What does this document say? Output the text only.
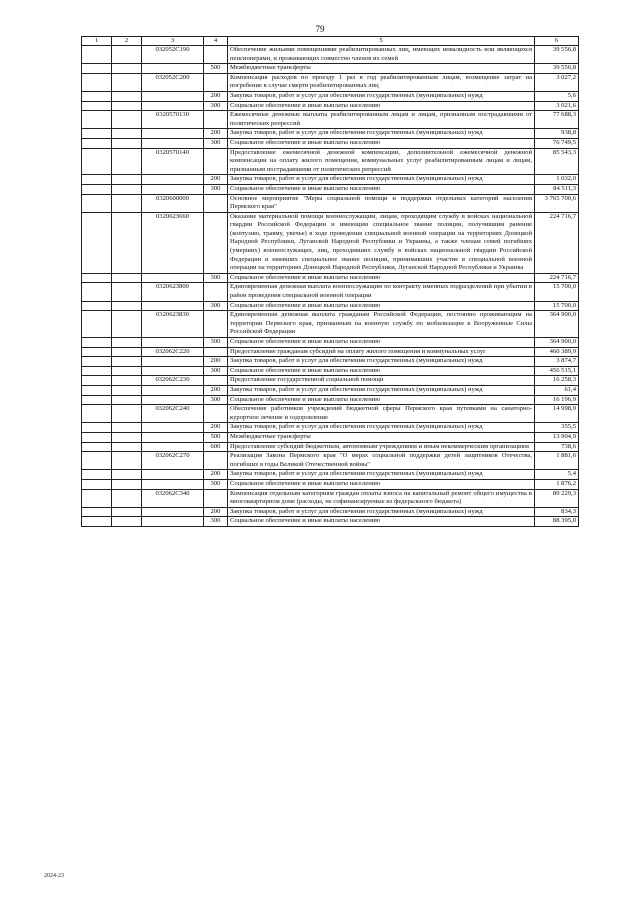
79
1	2	3	4	5	6
		032052С190		Обеспечение жильими помещениями реабилитированных лиц, имеющих инвалидность или являющихся пенсионерами, и проживающих совместно членов их семей	39 556,8
			500	Межбюджетные трансферты	39 556,8
		032052С200		Компенсация расходов по проезду 1 раз в год реабилитированным лицам, возмещение затрат на погребение в случае смерти реабилитированных лиц	3 027,2
			200	Закупка товаров, работ и услуг для обеспечения государственных (муниципальных) нужд	5,6
			300	Социальное обеспечение и иные выплаты населению	3 021,6
		0320570130		Ежемесячные денежные выплаты реабилитированным лицам и лицам, признанным пострадавшими от политических репрессий	77 688,3
			200	Закупка товаров, работ и услуг для обеспечения государственных (муниципальных) нужд	938,8
			300	Социальное обеспечение и иные выплаты населению	76 749,5
		0320570140		Предоставление ежемесячной денежной компенсации, дополнительной ежемесячной денежной компенсации на оплату жилого помещения, коммунальных услуг реабилитированным лицам и лицам, признанным пострадавшими от политических репрессий	85 543,3
			200	Закупка товаров, работ и услуг для обеспечения государственных (муниципальных) нужд	1 032,0
			300	Социальное обеспечение и иные выплаты населению	84 511,3
		0320600000		Основное мероприятие "Меры социальной помощи и поддержки отдельных категорий населения Пермского края"	3 765 700,6
		032062З660		Оказание материальной помощи военнослужащим, лицам, проходящим службу в войсках национальной гвардии Российской Федерации и имеющим специальное звание полиции, получившим ранение (контузию, травму, увечье) в ходе проведения специальной военной операции на территориях Донецкой Народной Республики, Луганской Народной Республики и Украины, а также членам семей погибших (умерших) военнослужащих, лиц, проходивших службу в войсках национальной гвардии Российской Федерации и имевших специальное звание полиции, принимавших участие в специальной военной операции на территориях Донецкой Народной Республики, Луганской Народной Республики и Украины	224 716,7
			300	Социальное обеспечение и иные выплаты населению	224 716,7
		032062З800		Единовременная денежная выплата военнослужащим по контракту именных подразделений при убытии в район проведения специальной военной операции	15 700,0
			300	Социальное обеспечение и иные выплаты населению	15 700,0
		032062З830		Единовременная денежная выплата гражданам Российской Федерации, постоянно проживающим на территории Пермского края, призванным на военную службу по мобилизации в Вооруженные Силы Российской Федерации	364 900,0
			300	Социальное обеспечение и иные выплаты населению	364 900,0
		032062С220		Предоставление гражданам субсидий на оплату жилого помещения и коммунальных услуг	460 389,9
			200	Закупка товаров, работ и услуг для обеспечения государственных (муниципальных) нужд	3 874,7
			300	Социальное обеспечение и иные выплаты населению	456 515,1
		032062С230		Предоставление государственной социальной помощи	16 258,3
			200	Закупка товаров, работ и услуг для обеспечения государственных (муниципальных) нужд	61,4
			300	Социальное обеспечение и иные выплаты населению	16 196,9
		032062С240		Обеспечение работников учреждений бюджетной сферы Пермского края путевками на санаторно-курортное лечение и оздоровление	14 998,9
			200	Закупка товаров, работ и услуг для обеспечения государственных (муниципальных) нужд	355,5
			500	Межбюджетные трансферты	13 904,9
			600	Предоставление субсидий бюджетным, автономным учреждениям и иным некоммерческим организациям	738,6
		032062С270		Реализация Закона Пермского края "О мерах социальной поддержки детей защитников Отечества, погибших в годы Великой Отечественной войны"	1 881,6
			200	Закупка товаров, работ и услуг для обеспечения государственных (муниципальных) нужд	5,4
			300	Социальное обеспечение и иные выплаты населению	1 876,2
		032062С340		Компенсация отдельным категориям граждан оплаты взноса на капитальный ремонт общего имущества в многоквартирном доме (расходы, не софинансируемые из федерального бюджета)	89 229,3
			200	Закупка товаров, работ и услуг для обеспечения государственных (муниципальных) нужд	834,3
			300	Социальное обеспечение и иные выплаты населению	88 395,0
2024-23
